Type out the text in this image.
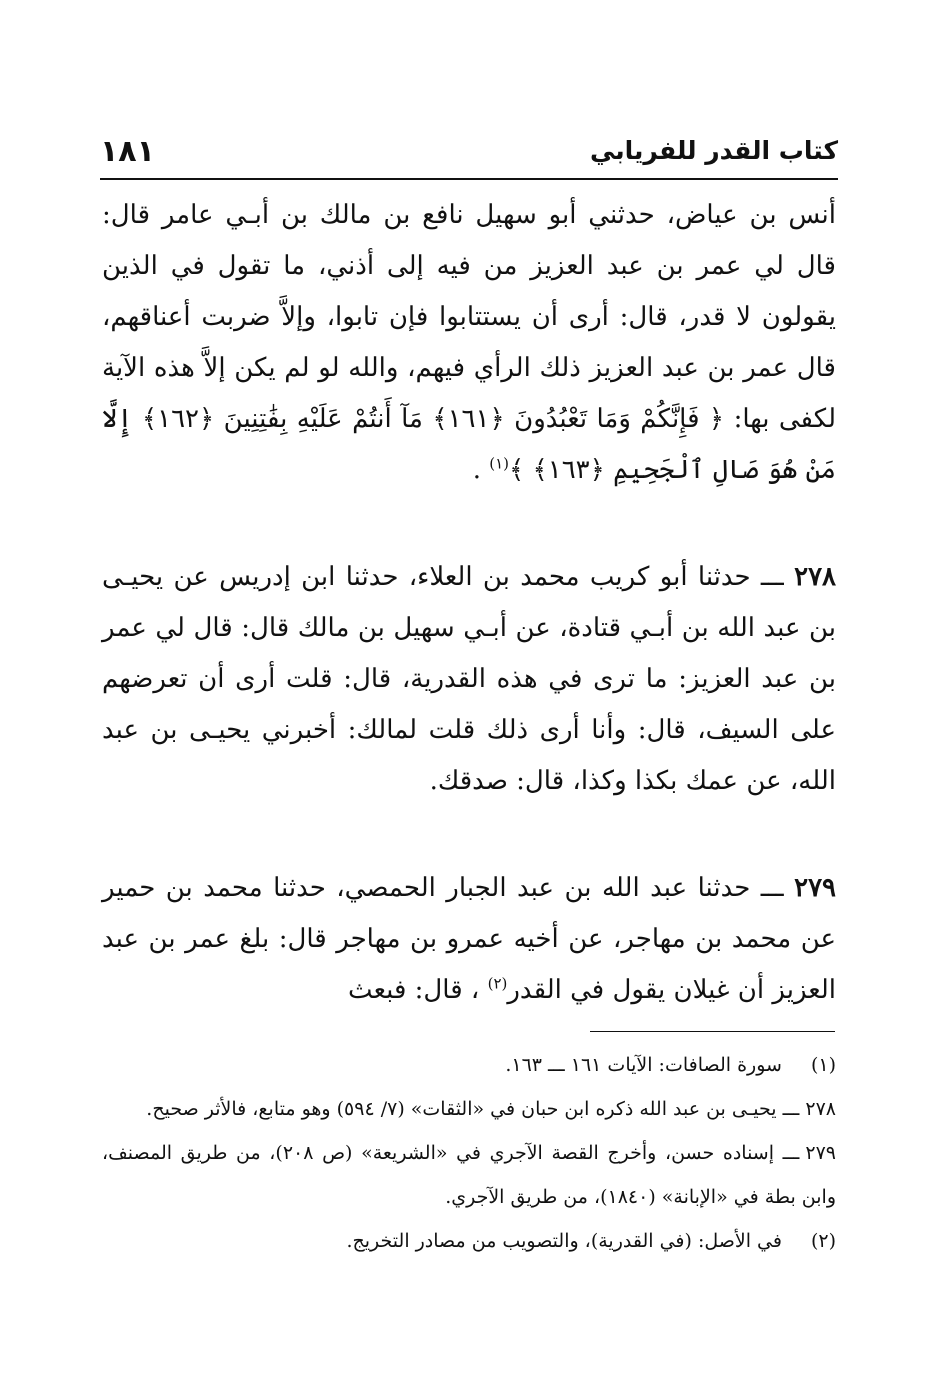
كتاب القدر للفريابي
١٨١

أنس بن عياض، حدثني أبو سهيل نافع بن مالك بن أبـي عامر قال: قال لي عمر بن عبد العزيز من فيه إلى أذني، ما تقول في الذين يقولون لا قدر، قال: أرى أن يستتابوا فإن تابوا، وإلاَّ ضربت أعناقهم، قال عمر بن عبد العزيز ذلك الرأي فيهم، والله لو لم يكن إلاَّ هذه الآية لكفى بها: ﴿ فَإِنَّكُمْ وَمَا تَعْبُدُونَ ﴿١٦١﴾ مَآ أَنتُمْ عَلَيْهِ بِفَٰتِنِينَ ﴿١٦٢﴾ إِلَّا مَنْ هُوَ صَالِ ٱلْجَحِيمِ ﴿١٦٣﴾ ﴾$^{(١)}$ .

٢٧٨ ـــ حدثنا أبو كريب محمد بن العلاء، حدثنا ابن إدريس عن يحيـى بن عبد الله بن أبـي قتادة، عن أبـي سهيل بن مالك قال: قال لي عمر بن عبد العزيز: ما ترى في هذه القدرية، قال: قلت أرى أن تعرضهم على السيف، قال: وأنا أرى ذلك قلت لمالك: أخبرني يحيـى بن عبد الله، عن عمك بكذا وكذا، قال: صدقك.

٢٧٩ ـــ حدثنا عبد الله بن عبد الجبار الحمصي، حدثنا محمد بن حمير عن محمد بن مهاجر، عن أخيه عمرو بن مهاجر قال: بلغ عمر بن عبد العزيز أن غيلان يقول في القدر$^{(٢)}$ ، قال: فبعث

(١) سورة الصافات: الآيات ١٦١ ـــ ١٦٣.

٢٧٨ ـــ يحيـى بن عبد الله ذكره ابن حبان في «الثقات» (٧/ ٥٩٤) وهو متابع، فالأثر صحيح.

٢٧٩ ـــ إسناده حسن، وأخرج القصة الآجري في «الشريعة» (ص ٢٠٨)، من طريق المصنف، وابن بطة في «الإبانة» (١٨٤٠)، من طريق الآجري.

(٢) في الأصل: (في القدرية)، والتصويب من مصادر التخريج.
